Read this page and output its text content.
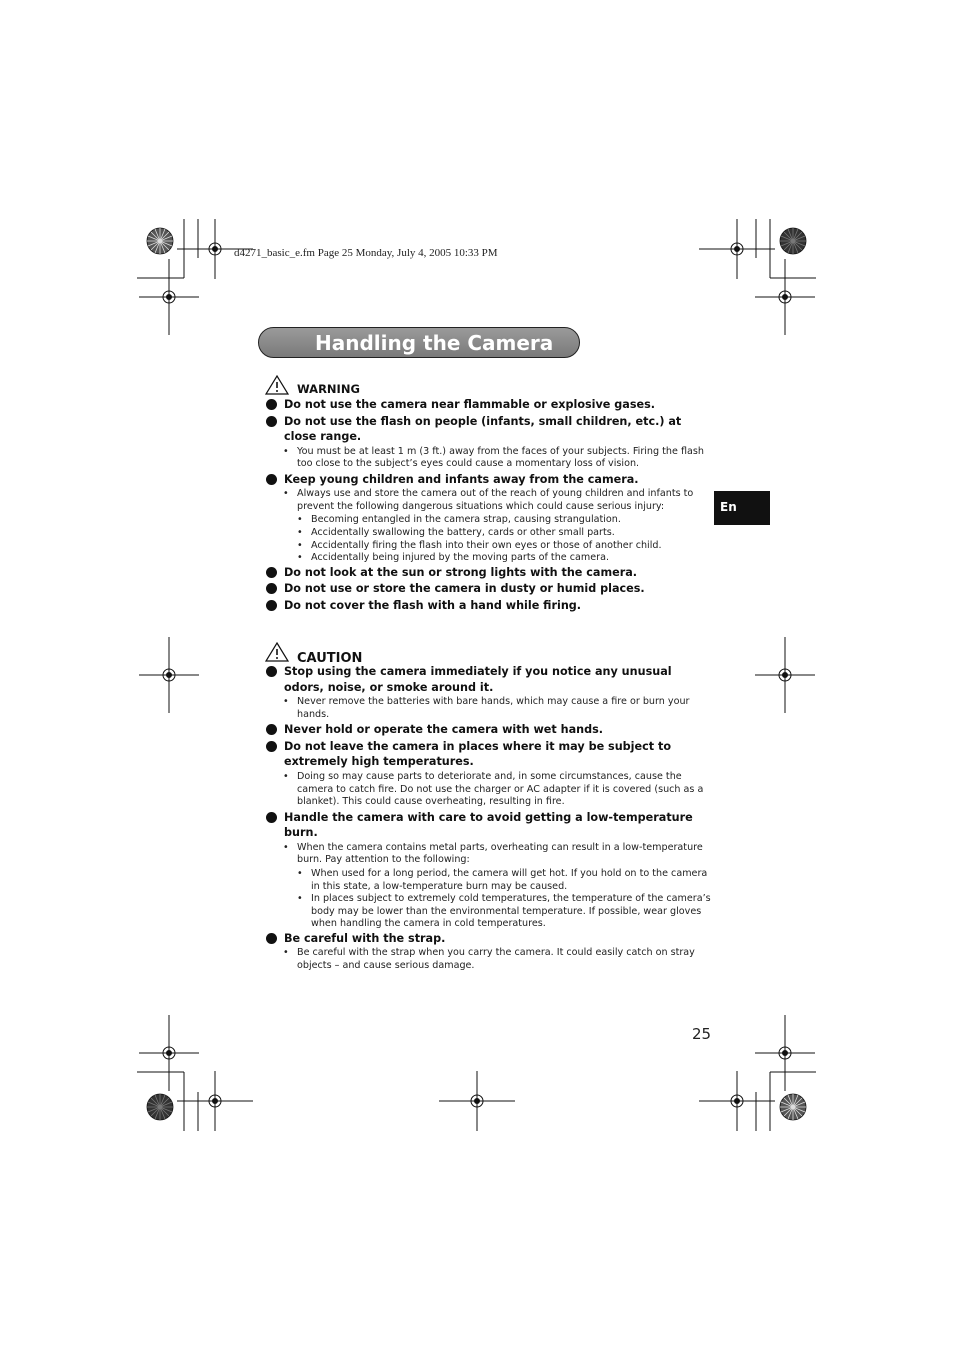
d4271_basic_e.fm Page 25 Monday, July 4, 2005 10:33 PM
Handling the Camera
En
25
WARNING
Do not use the camera near flammable or explosive gases.
Do not use the flash on people (infants, small children, etc.) at close range.
• You must be at least 1 m (3 ft.) away from the faces of your subjects. Firing the flash too close to the subject’s eyes could cause a momentary loss of vision.
Keep young children and infants away from the camera.
• Always use and store the camera out of the reach of young children and infants to prevent the following dangerous situations which could cause serious injury:
• Becoming entangled in the camera strap, causing strangulation.
• Accidentally swallowing the battery, cards or other small parts.
• Accidentally firing the flash into their own eyes or those of another child.
• Accidentally being injured by the moving parts of the camera.
Do not look at the sun or strong lights with the camera.
Do not use or store the camera in dusty or humid places.
Do not cover the flash with a hand while firing.
CAUTION
Stop using the camera immediately if you notice any unusual odors, noise, or smoke around it.
• Never remove the batteries with bare hands, which may cause a fire or burn your hands.
Never hold or operate the camera with wet hands.
Do not leave the camera in places where it may be subject to extremely high temperatures.
• Doing so may cause parts to deteriorate and, in some circumstances, cause the camera to catch fire. Do not use the charger or AC adapter if it is covered (such as a blanket). This could cause overheating, resulting in fire.
Handle the camera with care to avoid getting a low-temperature burn.
• When the camera contains metal parts, overheating can result in a low-temperature burn. Pay attention to the following:
• When used for a long period, the camera will get hot. If you hold on to the camera in this state, a low-temperature burn may be caused.
• In places subject to extremely cold temperatures, the temperature of the camera’s body may be lower than the environmental temperature. If possible, wear gloves when handling the camera in cold temperatures.
Be careful with the strap.
• Be careful with the strap when you carry the camera. It could easily catch on stray objects – and cause serious damage.
